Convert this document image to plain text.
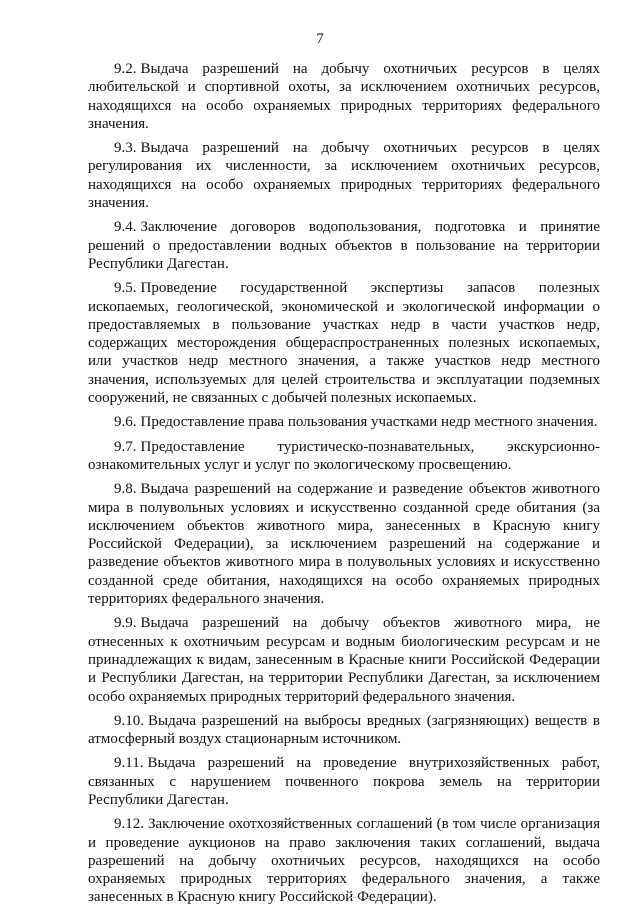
7

9.2. Выдача разрешений на добычу охотничьих ресурсов в целях любительской и спортивной охоты, за исключением охотничьих ресурсов, находящихся на особо охраняемых природных территориях федерального значения.

9.3. Выдача разрешений на добычу охотничьих ресурсов в целях регулирования их численности, за исключением охотничьих ресурсов, находящихся на особо охраняемых природных территориях федерального значения.

9.4. Заключение договоров водопользования, подготовка и принятие решений о предоставлении водных объектов в пользование на территории Республики Дагестан.

9.5. Проведение государственной экспертизы запасов полезных ископаемых, геологической, экономической и экологической информации о предоставляемых в пользование участках недр в части участков недр, содержащих месторождения общераспространенных полезных ископаемых, или участков недр местного значения, а также участков недр местного значения, используемых для целей строительства и эксплуатации подземных сооружений, не связанных с добычей полезных ископаемых.

9.6. Предоставление права пользования участками недр местного значения.

9.7. Предоставление туристическо-познавательных, экскурсионно-ознакомительных услуг и услуг по экологическому просвещению.

9.8. Выдача разрешений на содержание и разведение объектов животного мира в полувольных условиях и искусственно созданной среде обитания (за исключением объектов животного мира, занесенных в Красную книгу Российской Федерации), за исключением разрешений на содержание и разведение объектов животного мира в полувольных условиях и искусственно созданной среде обитания, находящихся на особо охраняемых природных территориях федерального значения.

9.9. Выдача разрешений на добычу объектов животного мира, не отнесенных к охотничьим ресурсам и водным биологическим ресурсам и не принадлежащих к видам, занесенным в Красные книги Российской Федерации и Республики Дагестан, на территории Республики Дагестан, за исключением особо охраняемых природных территорий федерального значения.

9.10. Выдача разрешений на выбросы вредных (загрязняющих) веществ в атмосферный воздух стационарным источником.

9.11. Выдача разрешений на проведение внутрихозяйственных работ, связанных с нарушением почвенного покрова земель на территории Республики Дагестан.

9.12. Заключение охотхозяйственных соглашений (в том числе организация и проведение аукционов на право заключения таких соглашений, выдача разрешений на добычу охотничьих ресурсов, находящихся на особо охраняемых природных территориях федерального значения, а также занесенных в Красную книгу Российской Федерации).
